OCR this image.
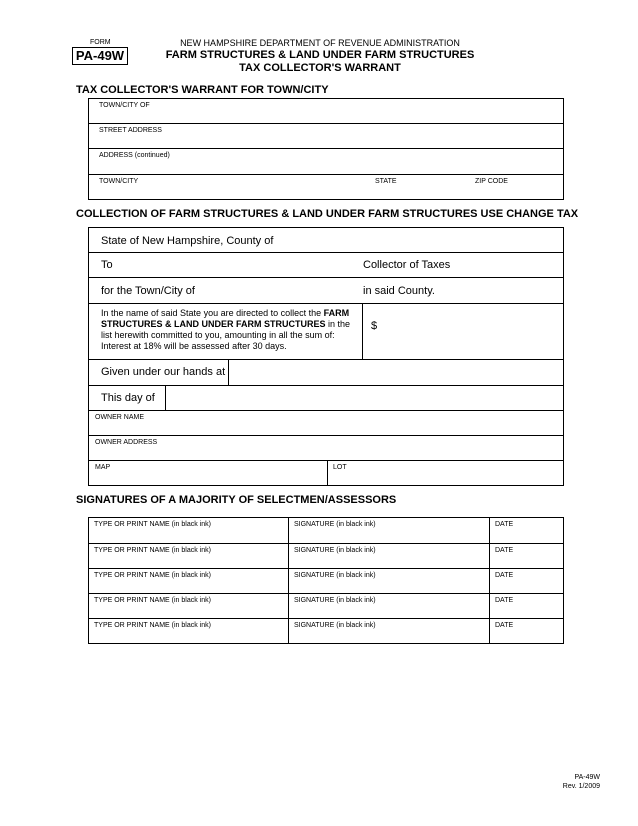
FORM
PA-49W
NEW HAMPSHIRE DEPARTMENT OF REVENUE ADMINISTRATION
FARM STRUCTURES & LAND UNDER FARM STRUCTURES
TAX COLLECTOR'S WARRANT
TAX COLLECTOR'S WARRANT FOR TOWN/CITY
TOWN/CITY OF
STREET ADDRESS
ADDRESS (continued)
TOWN/CITY	STATE	ZIP CODE
COLLECTION OF FARM STRUCTURES & LAND UNDER FARM STRUCTURES USE CHANGE TAX
State of New Hampshire, County of
To	Collector of Taxes
for the Town/City of	in said County.
In the name of said State you are directed to collect the FARM STRUCTURES & LAND UNDER FARM STRUCTURES in the list herewith committed to you, amounting in all the sum of: Interest at 18% will be assessed after 30 days.
$
Given under our hands at
This day of
OWNER NAME
OWNER ADDRESS
MAP	LOT
SIGNATURES OF A MAJORITY OF SELECTMEN/ASSESSORS
TYPE OR PRINT NAME (in black ink)	SIGNATURE (in black ink)	DATE
TYPE OR PRINT NAME (in black ink)	SIGNATURE (in black ink)	DATE
TYPE OR PRINT NAME (in black ink)	SIGNATURE (in black ink)	DATE
TYPE OR PRINT NAME (in black ink)	SIGNATURE (in black ink)	DATE
TYPE OR PRINT NAME (in black ink)	SIGNATURE (in black ink)	DATE
PA-49W
Rev. 1/2009
